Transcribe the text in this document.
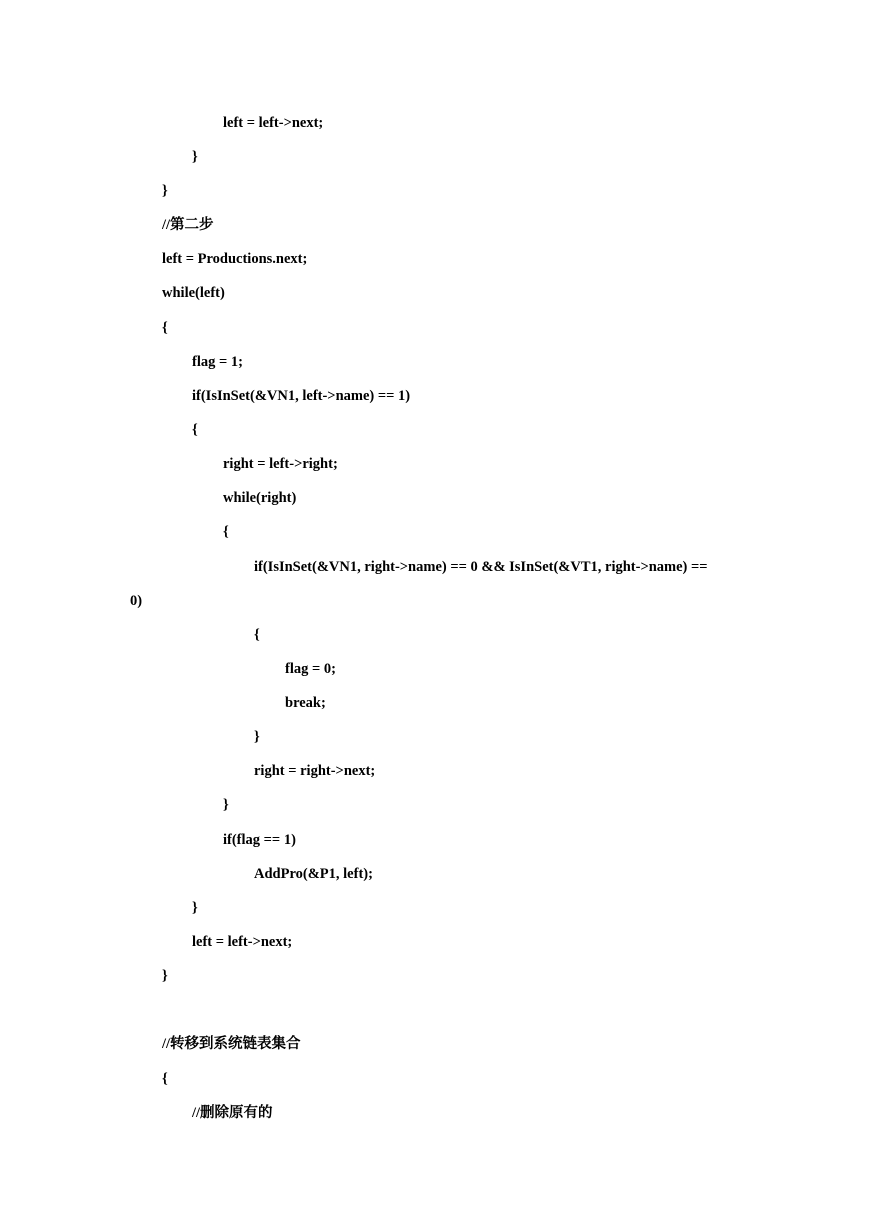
left = left->next;
}
}
//第二步
left = Productions.next;
while(left)
{
flag = 1;
if(IsInSet(&VN1, left->name) == 1)
{
right = left->right;
while(right)
{
if(IsInSet(&VN1, right->name) == 0 && IsInSet(&VT1, right->name) ==
0)
{
flag = 0;
break;
}
right = right->next;
}
if(flag == 1)
AddPro(&P1, left);
}
left = left->next;
}
//转移到系统链表集合
{
//删除原有的
